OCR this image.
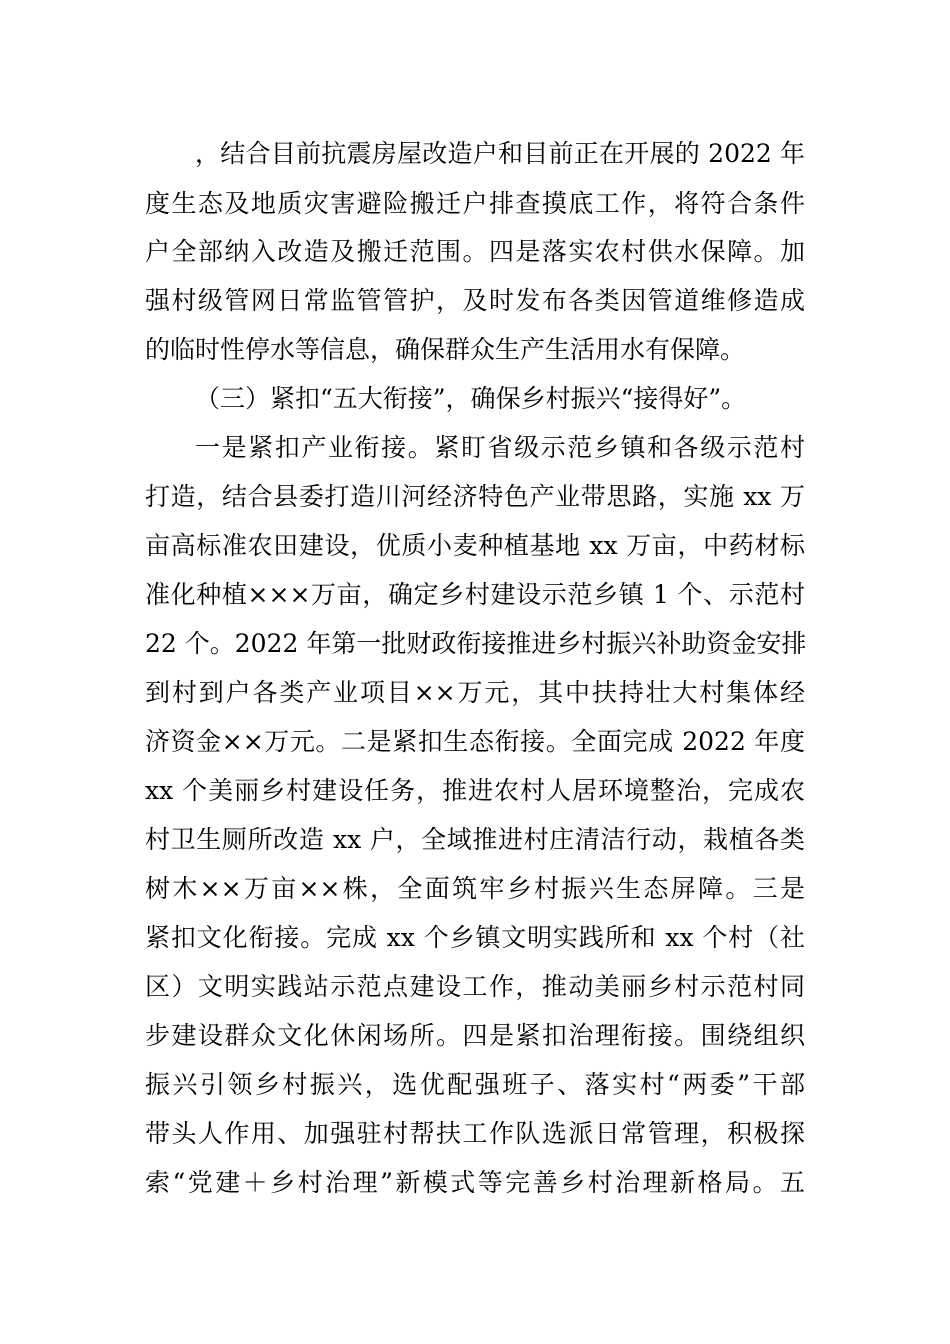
，结合目前抗震房屋改造户和目前正在开展的 2022 年
度生态及地质灾害避险搬迁户排查摸底工作，将符合条件
户全部纳入改造及搬迁范围。四是落实农村供水保障。加
强村级管网日常监管管护，及时发布各类因管道维修造成
的临时性停水等信息，确保群众生产生活用水有保障。
（三）紧扣“五大衔接”，确保乡村振兴“接得好”。
一是紧扣产业衔接。紧盯省级示范乡镇和各级示范村
打造，结合县委打造川河经济特色产业带思路，实施 xx 万
亩高标准农田建设，优质小麦种植基地 xx 万亩，中药材标
准化种植×××万亩，确定乡村建设示范乡镇 1 个、示范村
22 个。2022 年第一批财政衔接推进乡村振兴补助资金安排
到村到户各类产业项目××万元，其中扶持壮大村集体经
济资金××万元。二是紧扣生态衔接。全面完成 2022 年度
xx 个美丽乡村建设任务，推进农村人居环境整治，完成农
村卫生厕所改造 xx 户，全域推进村庄清洁行动，栽植各类
树木××万亩××株，全面筑牢乡村振兴生态屏障。三是
紧扣文化衔接。完成 xx 个乡镇文明实践所和 xx 个村（社
区）文明实践站示范点建设工作，推动美丽乡村示范村同
步建设群众文化休闲场所。四是紧扣治理衔接。围绕组织
振兴引领乡村振兴，选优配强班子、落实村“两委”干部
带头人作用、加强驻村帮扶工作队选派日常管理，积极探
索“党建＋乡村治理”新模式等完善乡村治理新格局。五
